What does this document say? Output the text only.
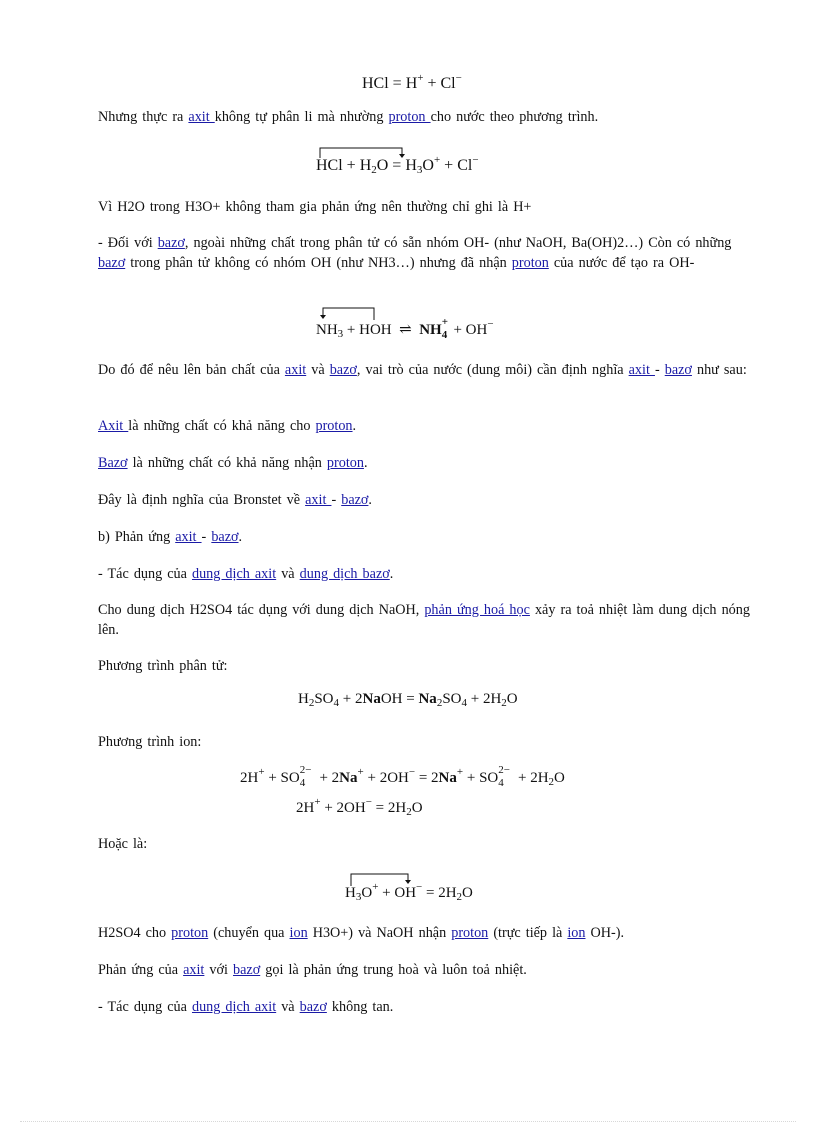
HCl = H+ + Cl−

Nhưng thực ra axit không tự phân li mà nhường proton cho nước theo phương trình.

HCl + $H_2O = H_3O^+ + Cl^-$

Vì H2O trong H3O+ không tham gia phản ứng nên thường chỉ ghi là H+

- Đối với bazơ, ngoài những chất trong phân tử có sẵn nhóm OH- (như NaOH, Ba(OH)2…) Còn có những bazơ trong phân tử không có nhóm OH (như NH3…) nhưng đã nhận proton của nước để tạo ra OH-

$NH_3$ + HOH  ⇌  NH +
4 + OH−

Do đó để nêu lên bản chất của axit và bazơ, vai trò của nước (dung môi) cần định nghĩa axit - bazơ như sau:

Axit là những chất có khả năng cho proton.

Bazơ là những chất có khả năng nhận proton.

Đây là định nghĩa của Bronstet về axit - bazơ.

b) Phản ứng axit - bazơ.

- Tác dụng của dung dịch axit và dung dịch bazơ.

Cho dung dịch H2SO4 tác dụng với dung dịch NaOH, phản ứng hoá học xảy ra toả nhiệt làm dung dịch nóng lên.

Phương trình phân tử:

$H_2SO_4$ + 2NaOH = $Na_2SO_4 + 2H_2O$

Phương trình ion:

2H+ + SO 2−
4 + 2Na+ + 2OH− = 2Na+ + SO 2−
$4 + 2H_2O$
$2H^+ + 2OH^- = 2H_2O$

Hoặc là:

$H_3O^+ + OH^- = 2H_2O$

H2SO4 cho proton (chuyển qua ion H3O+) và NaOH nhận proton (trực tiếp là ion OH-).

Phản ứng của axit với bazơ gọi là phản ứng trung hoà và luôn toả nhiệt.

- Tác dụng của dung dịch axit và bazơ không tan.
